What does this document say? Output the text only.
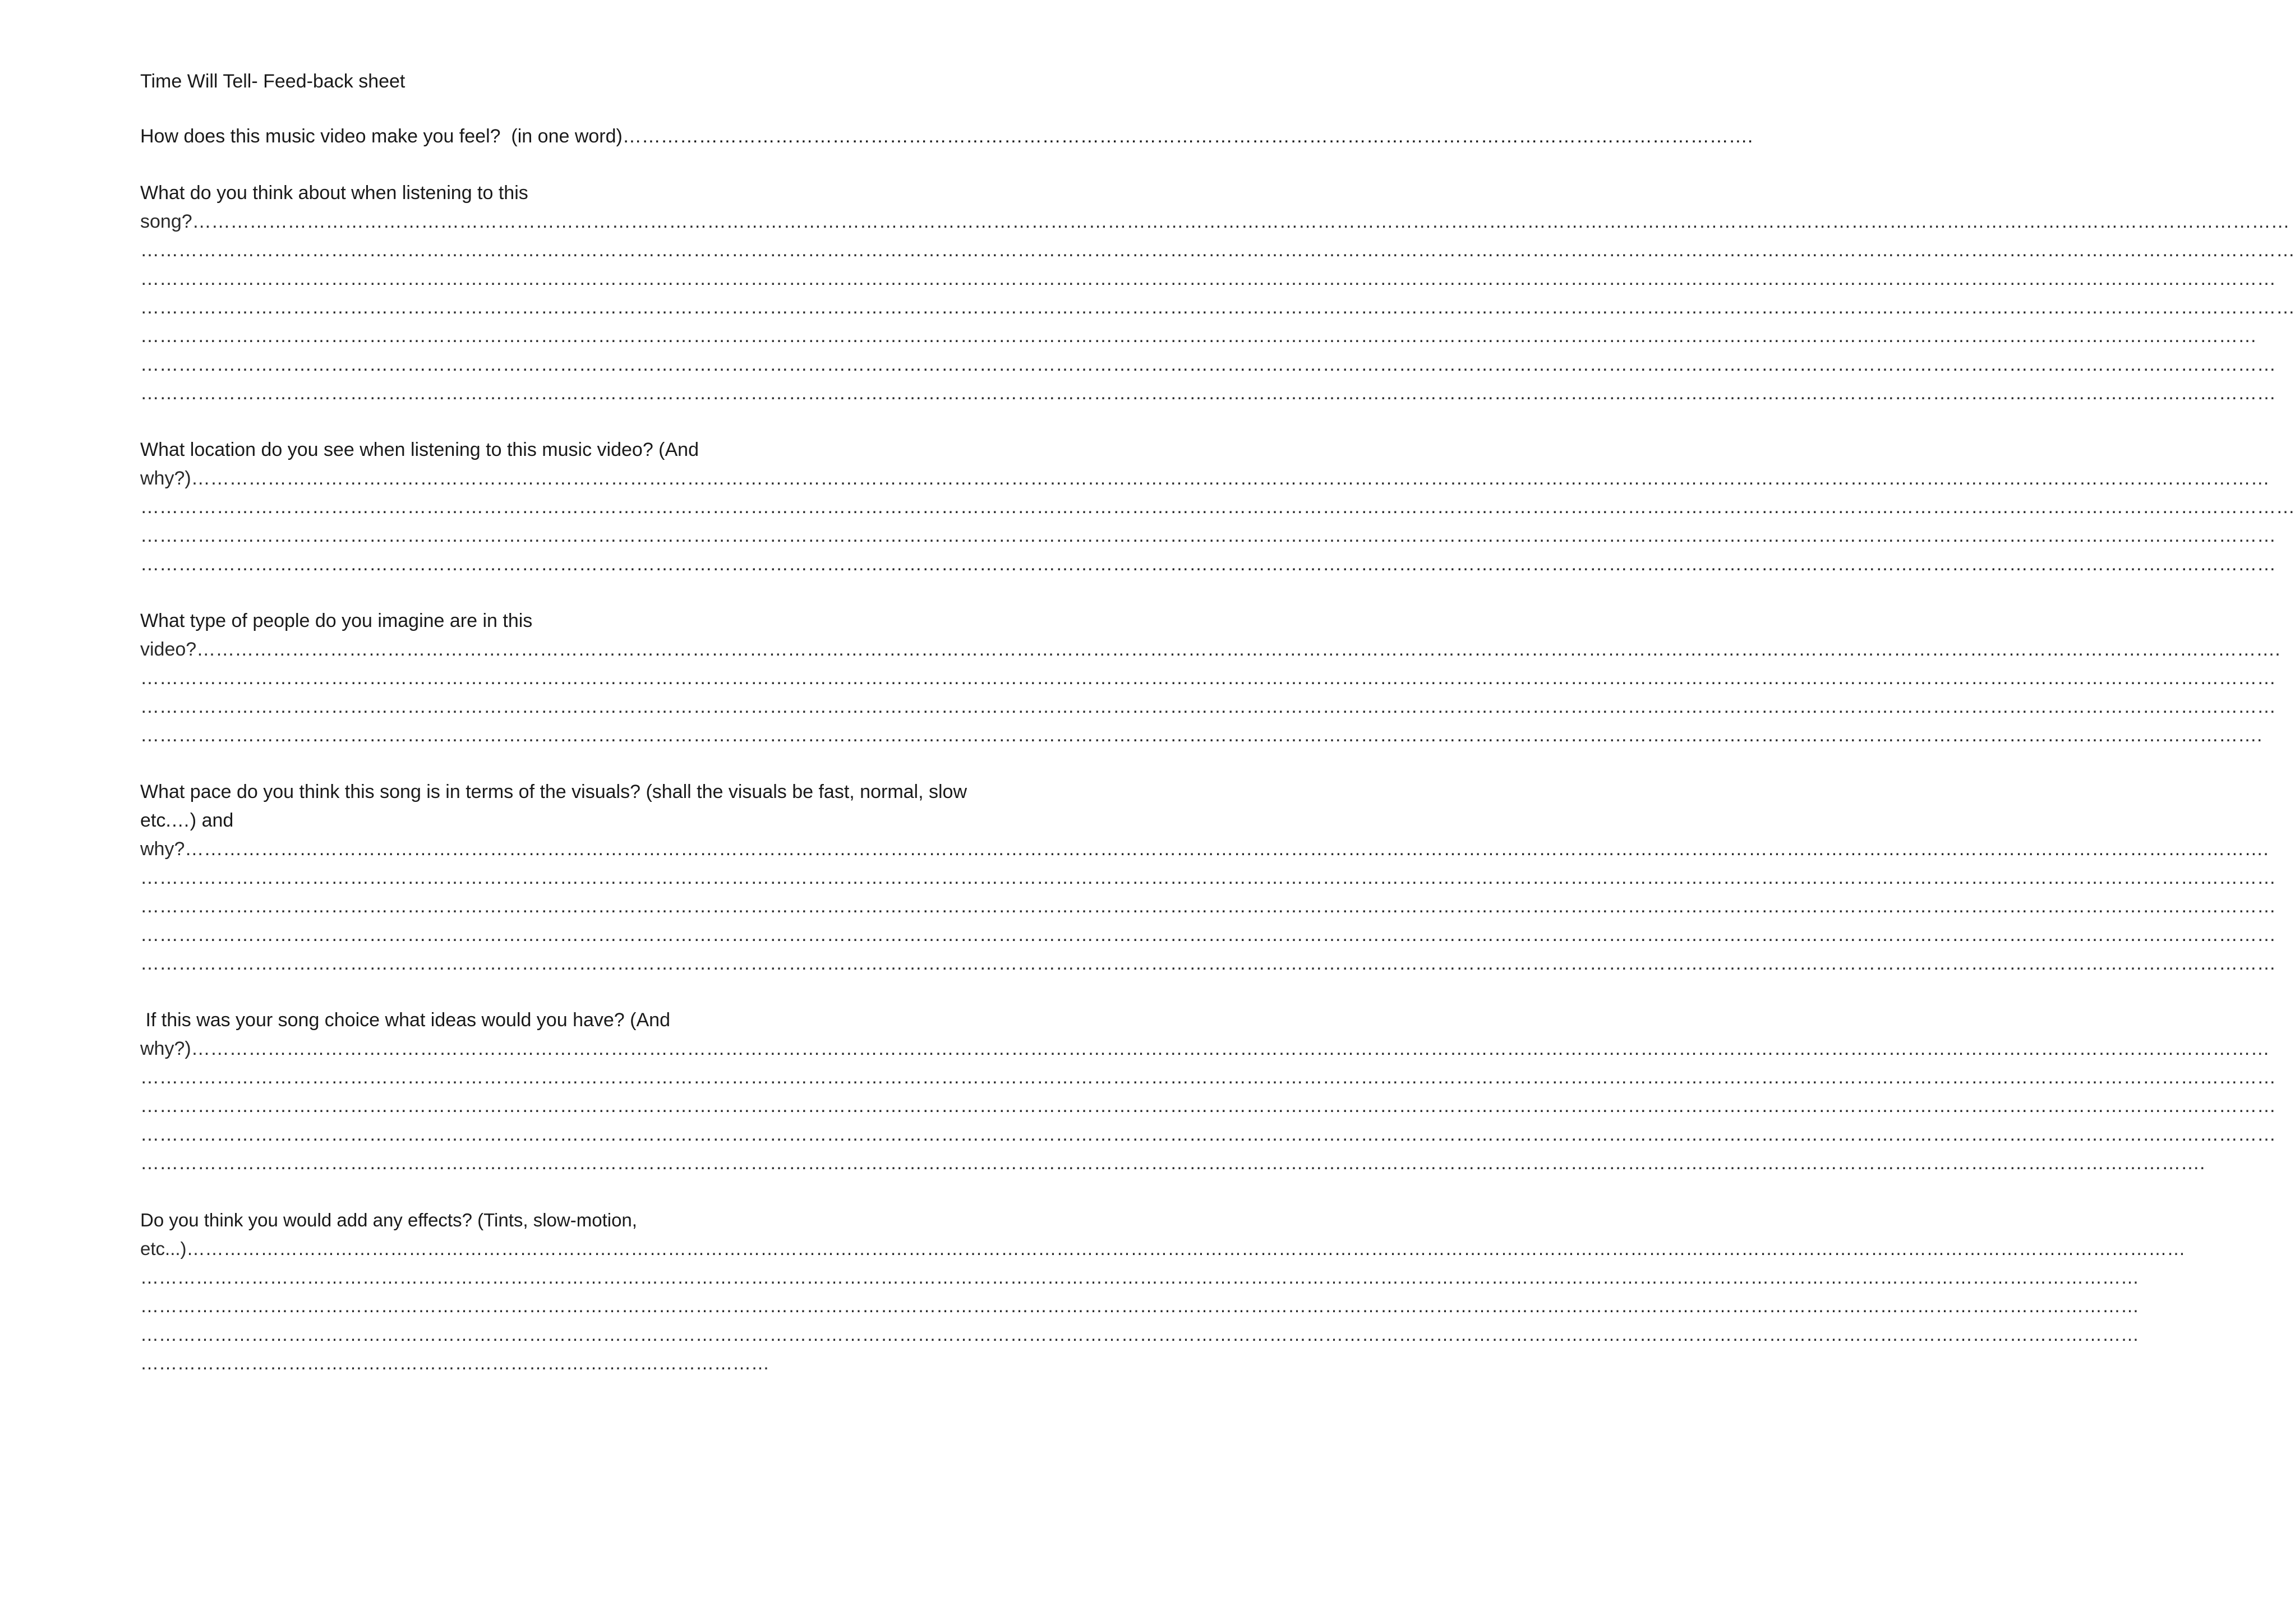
Time Will Tell- Feed-back sheet
How does this music video make you feel?  (in one word)…………………………………………………………………………………………………………………………………………………………….
What do you think about when listening to this
song?……………………………………………………………………………………………………………………………………………………………………………………………………………………………………………………………………………………………………
……………………………………………………………………………………………………………………………………………………………………………………………………………………………………………………………………………………………………………
…………………………………………………………………………………………………………………………………………………………………………………………………………………………………………………………………………………………………………
……………………………………………………………………………………………………………………………………………………………………………………………………………………………………………………………………………………………………………
………………………………………………………………………………………………………………………………………………………………………………………………………………………………………………………………………………………………………
…………………………………………………………………………………………………………………………………………………………………………………………………………………………………………………………………………………………………………
…………………………………………………………………………………………………………………………………………………………………………………………………………………………………………………………………………………………………………
What location do you see when listening to this music video? (And
why?)…………………………………………………………………………………………………………………………………………………………………………………………………………………………………………………………………………………………………
……………………………………………………………………………………………………………………………………………………………………………………………………………………………………………………………………………………………………………
…………………………………………………………………………………………………………………………………………………………………………………………………………………………………………………………………………………………………………
…………………………………………………………………………………………………………………………………………………………………………………………………………………………………………………………………………………………………………
What type of people do you imagine are in this
video?………………………………………………………………………………………………………………………………………………………………………………………………………………………………………………………………………………………………….
…………………………………………………………………………………………………………………………………………………………………………………………………………………………………………………………………………………………………………
…………………………………………………………………………………………………………………………………………………………………………………………………………………………………………………………………………………………………………
……………………………………………………………………………………………………………………………………………………………………………………………………………………………………………………………………………………………………….
What pace do you think this song is in terms of the visuals? (shall the visuals be fast, normal, slow
etc.…) and
why?………………………………………………………………………………………………………………………………………………………………………………………………………………………………………………………………………………………………….
…………………………………………………………………………………………………………………………………………………………………………………………………………………………………………………………………………………………………………
…………………………………………………………………………………………………………………………………………………………………………………………………………………………………………………………………………………………………………
…………………………………………………………………………………………………………………………………………………………………………………………………………………………………………………………………………………………………………
…………………………………………………………………………………………………………………………………………………………………………………………………………………………………………………………………………………………………………
If this was your song choice what ideas would you have? (And
why?)…………………………………………………………………………………………………………………………………………………………………………………………………………………………………………………………………………………………………
…………………………………………………………………………………………………………………………………………………………………………………………………………………………………………………………………………………………………………
…………………………………………………………………………………………………………………………………………………………………………………………………………………………………………………………………………………………………………
…………………………………………………………………………………………………………………………………………………………………………………………………………………………………………………………………………………………………………
……………………………………………………………………………………………………………………………………………………………………………………………………………………………………………………………………………………………….
Do you think you would add any effects? (Tints, slow-motion,
etc...)………………………………………………………………………………………………………………………………………………………………………………………………………………………………………………………………………………………………
………………………………………………………………………………………………………………………………………………………………………………………………………………………………………………………………………………………………
………………………………………………………………………………………………………………………………………………………………………………………………………………………………………………………………………………………………
………………………………………………………………………………………………………………………………………………………………………………………………………………………………………………………………………………………………
…………………………………………………………………………………………
